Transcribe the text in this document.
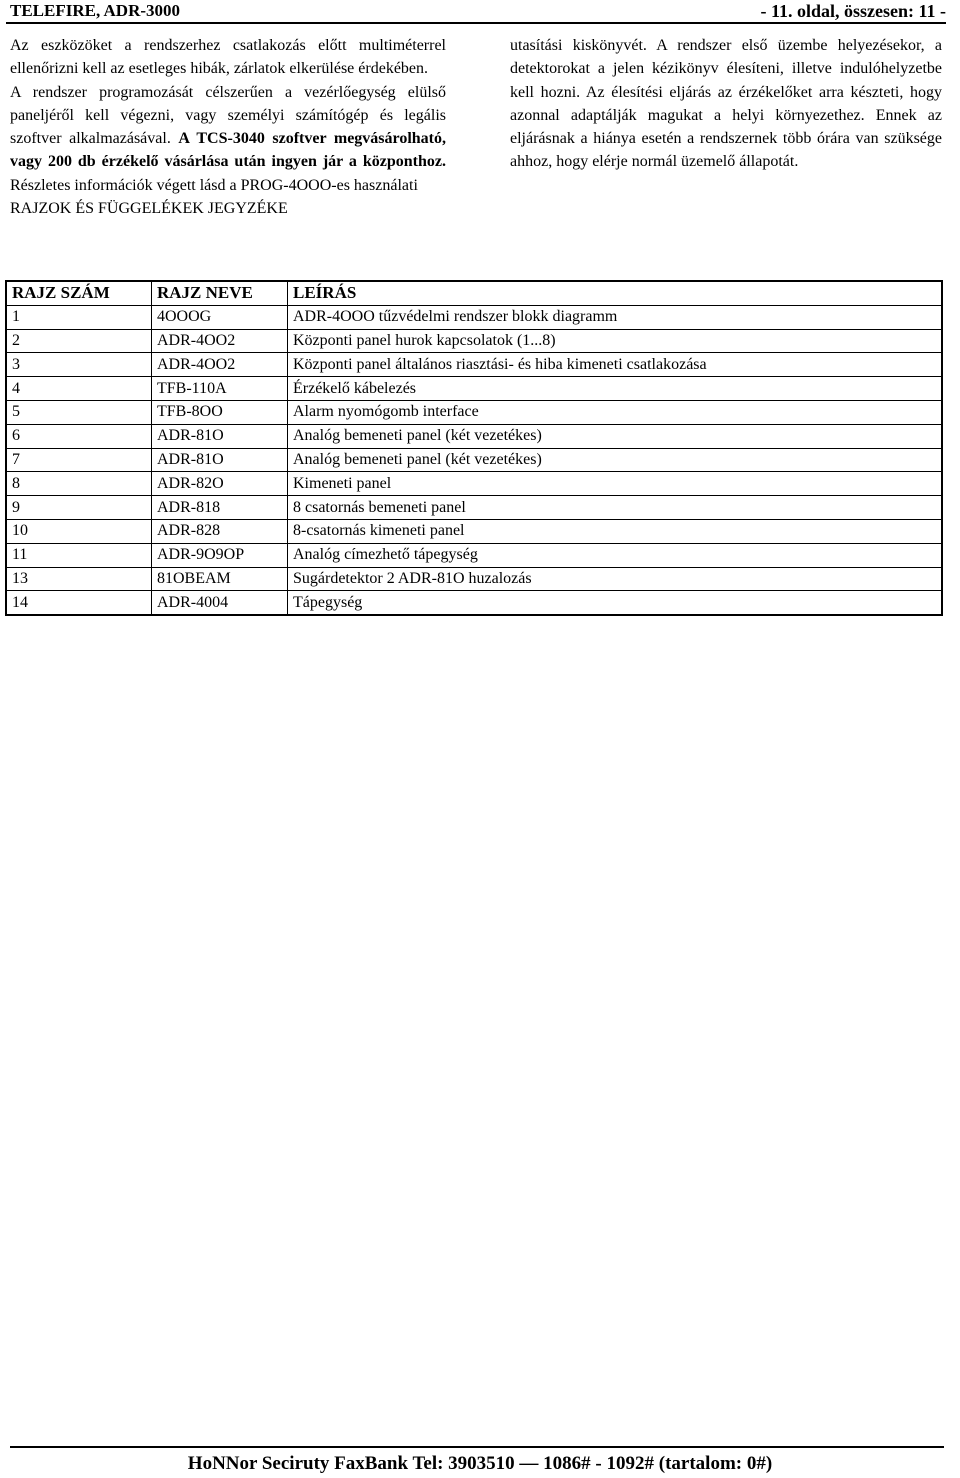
TELEFIRE, ADR-3000	- 11. oldal, összesen: 11 -

Az eszközöket a rendszerhez csatlakozás előtt multiméterrel ellenőrizni kell az esetleges hibák, zárlatok elkerülése érdekében.

A rendszer programozását célszerűen a vezérlőegység elülső paneljéről kell végezni, vagy személyi számítógép és legális szoftver alkalmazásával. A TCS-3040 szoftver megvásárolható, vagy 200 db érzékelő vásárlása után ingyen jár a központhoz. Részletes információk végett lásd a PROG-4OOO-es használati

RAJZOK ÉS FÜGGELÉKEK JEGYZÉKE

utasítási kiskönyvét. A rendszer első üzembe helyezésekor, a detektorokat a jelen kézikönyv élesíteni, illetve indulóhelyzetbe kell hozni. Az élesítési eljárás az érzékelőket arra készteti, hogy azonnal adaptálják magukat a helyi környezethez. Ennek az eljárásnak a hiánya esetén a rendszernek több órára van szüksége ahhoz, hogy elérje normál üzemelő állapotát.

RAJZ SZÁM	RAJZ NEVE	LEÍRÁS
1	4OOOG	ADR-4OOO tűzvédelmi rendszer blokk diagramm
2	ADR-4OO2	Központi panel hurok kapcsolatok (1...8)
3	ADR-4OO2	Központi panel általános riasztási- és hiba kimeneti csatlakozása
4	TFB-110A	Érzékelő kábelezés
5	TFB-8OO	Alarm nyomógomb interface
6	ADR-81O	Analóg bemeneti panel (két vezetékes)
7	ADR-81O	Analóg bemeneti panel (két vezetékes)
8	ADR-82O	Kimeneti panel
9	ADR-818	8 csatornás bemeneti panel
10	ADR-828	8-csatornás kimeneti panel
11	ADR-9O9OP	Analóg címezhető tápegység
13	81OBEAM	Sugárdetektor 2 ADR-81O huzalozás
14	ADR-4004	Tápegység
HoNNor Seciruty FaxBank Tel: 3903510 — 1086# - 1092# (tartalom: 0#)
